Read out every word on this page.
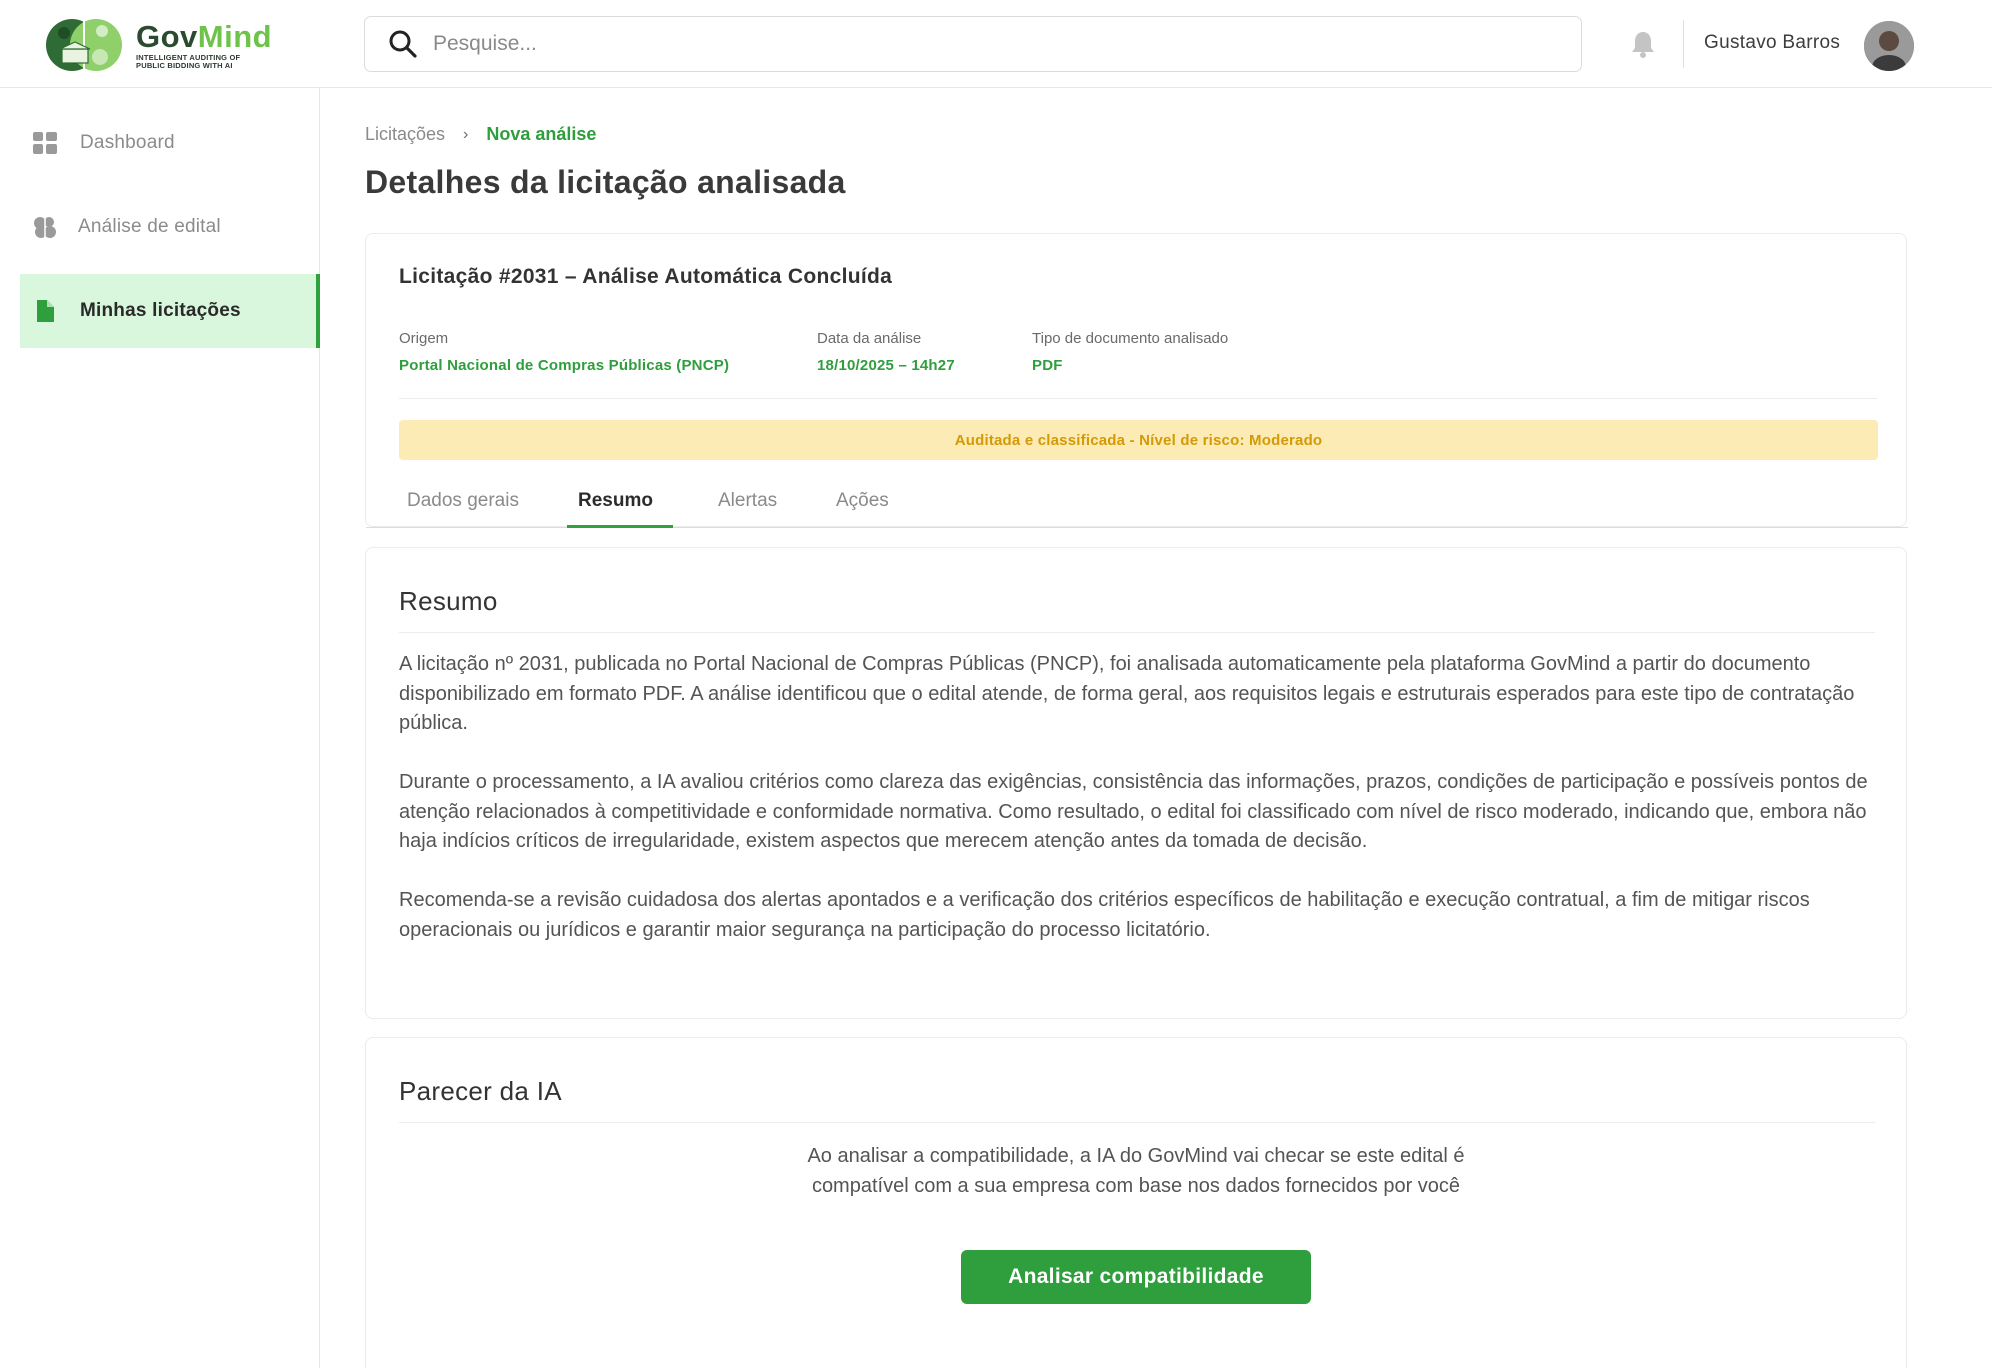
GovMind
INTELLIGENT AUDITING OF PUBLIC BIDDING WITH AI
Pesquise...
Gustavo Barros
Dashboard
Análise de edital
Minhas licitações
Licitações › Nova análise
Detalhes da licitação analisada
Licitação #2031 – Análise Automática Concluída
Origem
Portal Nacional de Compras Públicas (PNCP)
Data da análise
18/10/2025 – 14h27
Tipo de documento analisado
PDF
Auditada e classificada - Nível de risco: Moderado
Dados gerais	Resumo	Alertas	Ações
Resumo

A licitação nº 2031, publicada no Portal Nacional de Compras Públicas (PNCP), foi analisada automaticamente pela plataforma GovMind a partir do documento disponibilizado em formato PDF. A análise identificou que o edital atende, de forma geral, aos requisitos legais e estruturais esperados para este tipo de contratação pública.

Durante o processamento, a IA avaliou critérios como clareza das exigências, consistência das informações, prazos, condições de participação e possíveis pontos de atenção relacionados à competitividade e conformidade normativa. Como resultado, o edital foi classificado com nível de risco moderado, indicando que, embora não haja indícios críticos de irregularidade, existem aspectos que merecem atenção antes da tomada de decisão.

Recomenda-se a revisão cuidadosa dos alertas apontados e a verificação dos critérios específicos de habilitação e execução contratual, a fim de mitigar riscos operacionais ou jurídicos e garantir maior segurança na participação do processo licitatório.

Parecer da IA
Ao analisar a compatibilidade, a IA do GovMind vai checar se este edital é compatível com a sua empresa com base nos dados fornecidos por você
Analisar compatibilidade
